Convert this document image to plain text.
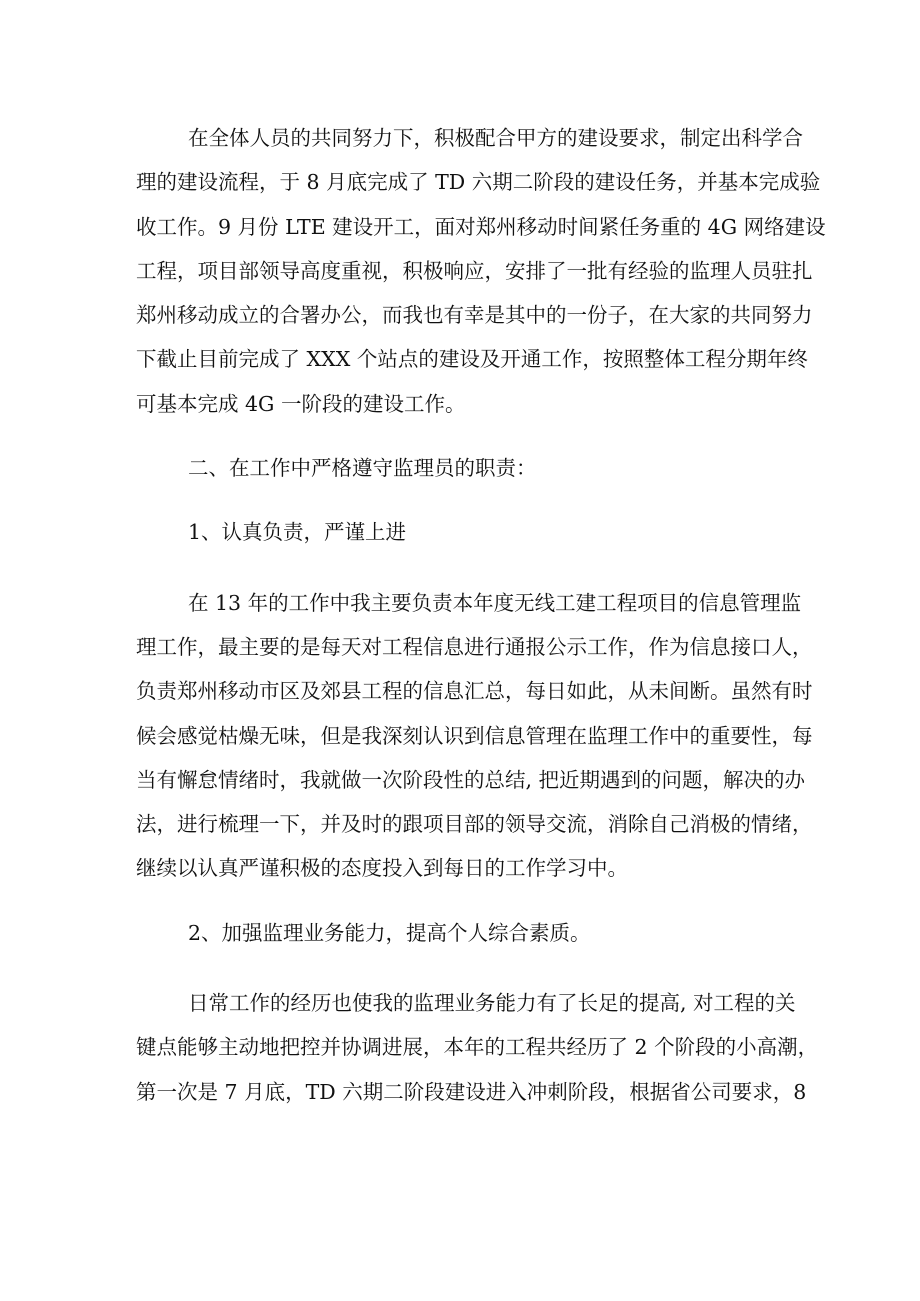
在全体人员的共同努力下，积极配合甲方的建设要求，制定出科学合
理的建设流程，于 8 月底完成了 TD 六期二阶段的建设任务，并基本完成验
收工作。9 月份 LTE 建设开工，面对郑州移动时间紧任务重的 4G 网络建设
工程，项目部领导高度重视，积极响应，安排了一批有经验的监理人员驻扎
郑州移动成立的合署办公，而我也有幸是其中的一份子，在大家的共同努力
下截止目前完成了 XXX 个站点的建设及开通工作，按照整体工程分期年终
可基本完成 4G 一阶段的建设工作。
二、在工作中严格遵守监理员的职责：
1、认真负责，严谨上进
在 13 年的工作中我主要负责本年度无线工建工程项目的信息管理监
理工作，最主要的是每天对工程信息进行通报公示工作，作为信息接口人，
负责郑州移动市区及郊县工程的信息汇总，每日如此，从未间断。虽然有时
候会感觉枯燥无味，但是我深刻认识到信息管理在监理工作中的重要性，每
当有懈怠情绪时，我就做一次阶段性的总结, 把近期遇到的问题，解决的办
法，进行梳理一下，并及时的跟项目部的领导交流，消除自己消极的情绪，
继续以认真严谨积极的态度投入到每日的工作学习中。
2、加强监理业务能力，提高个人综合素质。
日常工作的经历也使我的监理业务能力有了长足的提高, 对工程的关
键点能够主动地把控并协调进展，本年的工程共经历了 2 个阶段的小高潮，
第一次是 7 月底，TD 六期二阶段建设进入冲刺阶段，根据省公司要求，8
